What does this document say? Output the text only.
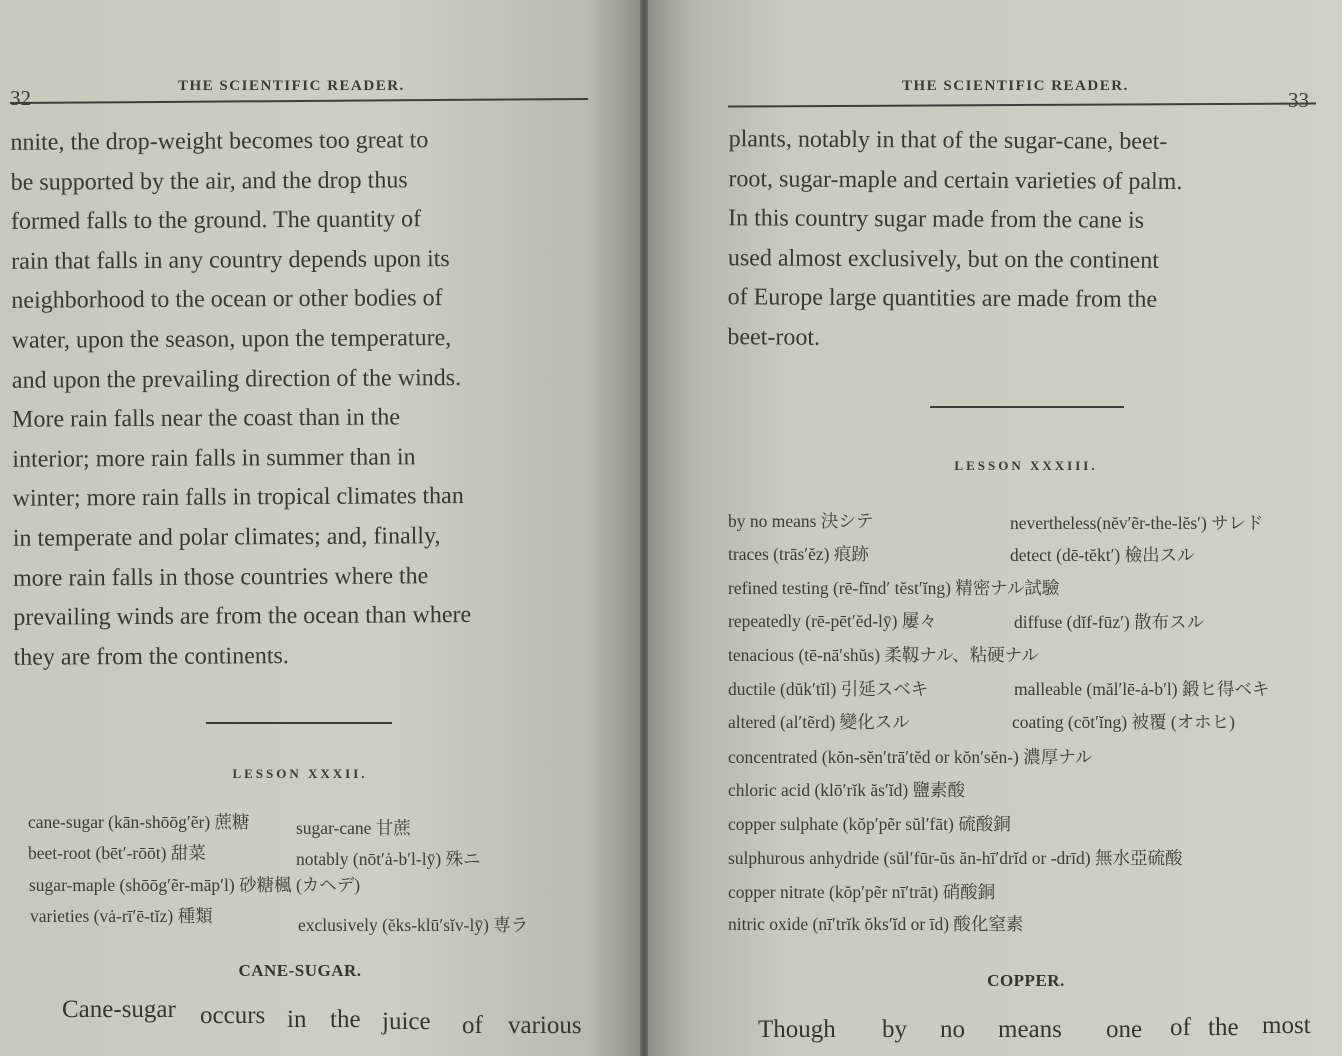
32	THE SCIENTIFIC READER.

nnite, the drop-weight becomes too great to

be supported by the air, and the drop thus

formed falls to the ground. The quantity of

rain that falls in any country depends upon its

neighborhood to the ocean or other bodies of

water, upon the season, upon the temperature,

and upon the prevailing direction of the winds.

More rain falls near the coast than in the

interior; more rain falls in summer than in

winter; more rain falls in tropical climates than

in temperate and polar climates; and, finally,

more rain falls in those countries where the

prevailing winds are from the ocean than where

they are from the continents.

LESSON XXXII.
cane-sugar (kān-shōōg′ẽr) 蔗糖	sugar-cane 甘蔗
beet-root (bēt′-rōōt) 甜菜	notably (nōt′ȧ-b′l-lȳ) 殊ニ
sugar-maple (shōōg′ẽr-māp′l) 砂糖楓 (カヘデ)
varieties (vȧ-rī′ē-tĭz) 種類	exclusively (ĕks-klū′sĭv-lȳ) 専ラ
CANE-SUGAR.
Cane-sugar occurs in the juice of various
THE SCIENTIFIC READER.
33

plants, notably in that of the sugar-cane, beet-

root, sugar-maple and certain varieties of palm.

In this country sugar made from the cane is

used almost exclusively, but on the continent

of Europe large quantities are made from the

beet-root.

LESSON XXXIII.
by no means 決シテ	nevertheless(nĕv′ẽr-the-lĕs′) サレド
traces (trās′ĕz) 痕跡	detect (dē-tĕkt′) 檢出スル
refined testing (rē-fīnd′ tĕst′ĭng) 精密ナル試驗
repeatedly (rē-pēt′ĕd-lȳ) 屢々	diffuse (dĭf-fūz′) 散布スル
tenacious (tē-nā′shŭs) 柔靱ナル、粘硬ナル
ductile (dŭk′tĭl) 引延スベキ	malleable (măl′lē-ȧ-b′l) 鍛ヒ得ベキ
altered (al′tẽrd) 變化スル	coating (cōt′ĭng) 被覆 (オホヒ)
concentrated (kŏn-sĕn′trā′tĕd or kŏn′sĕn-) 濃厚ナル
chloric acid (klō′rĭk ăs′ĭd) 鹽素酸
copper sulphate (kŏp′pẽr sŭl′fāt) 硫酸銅
sulphurous anhydride (sŭl′fūr-ŭs ăn-hī′drĭd or -drīd) 無水亞硫酸
copper nitrate (kŏp′pẽr nī′trāt) 硝酸銅
nitric oxide (nī′trĭk ŏks′ĭd or īd) 酸化窒素
COPPER.
Though by no means one of the most
